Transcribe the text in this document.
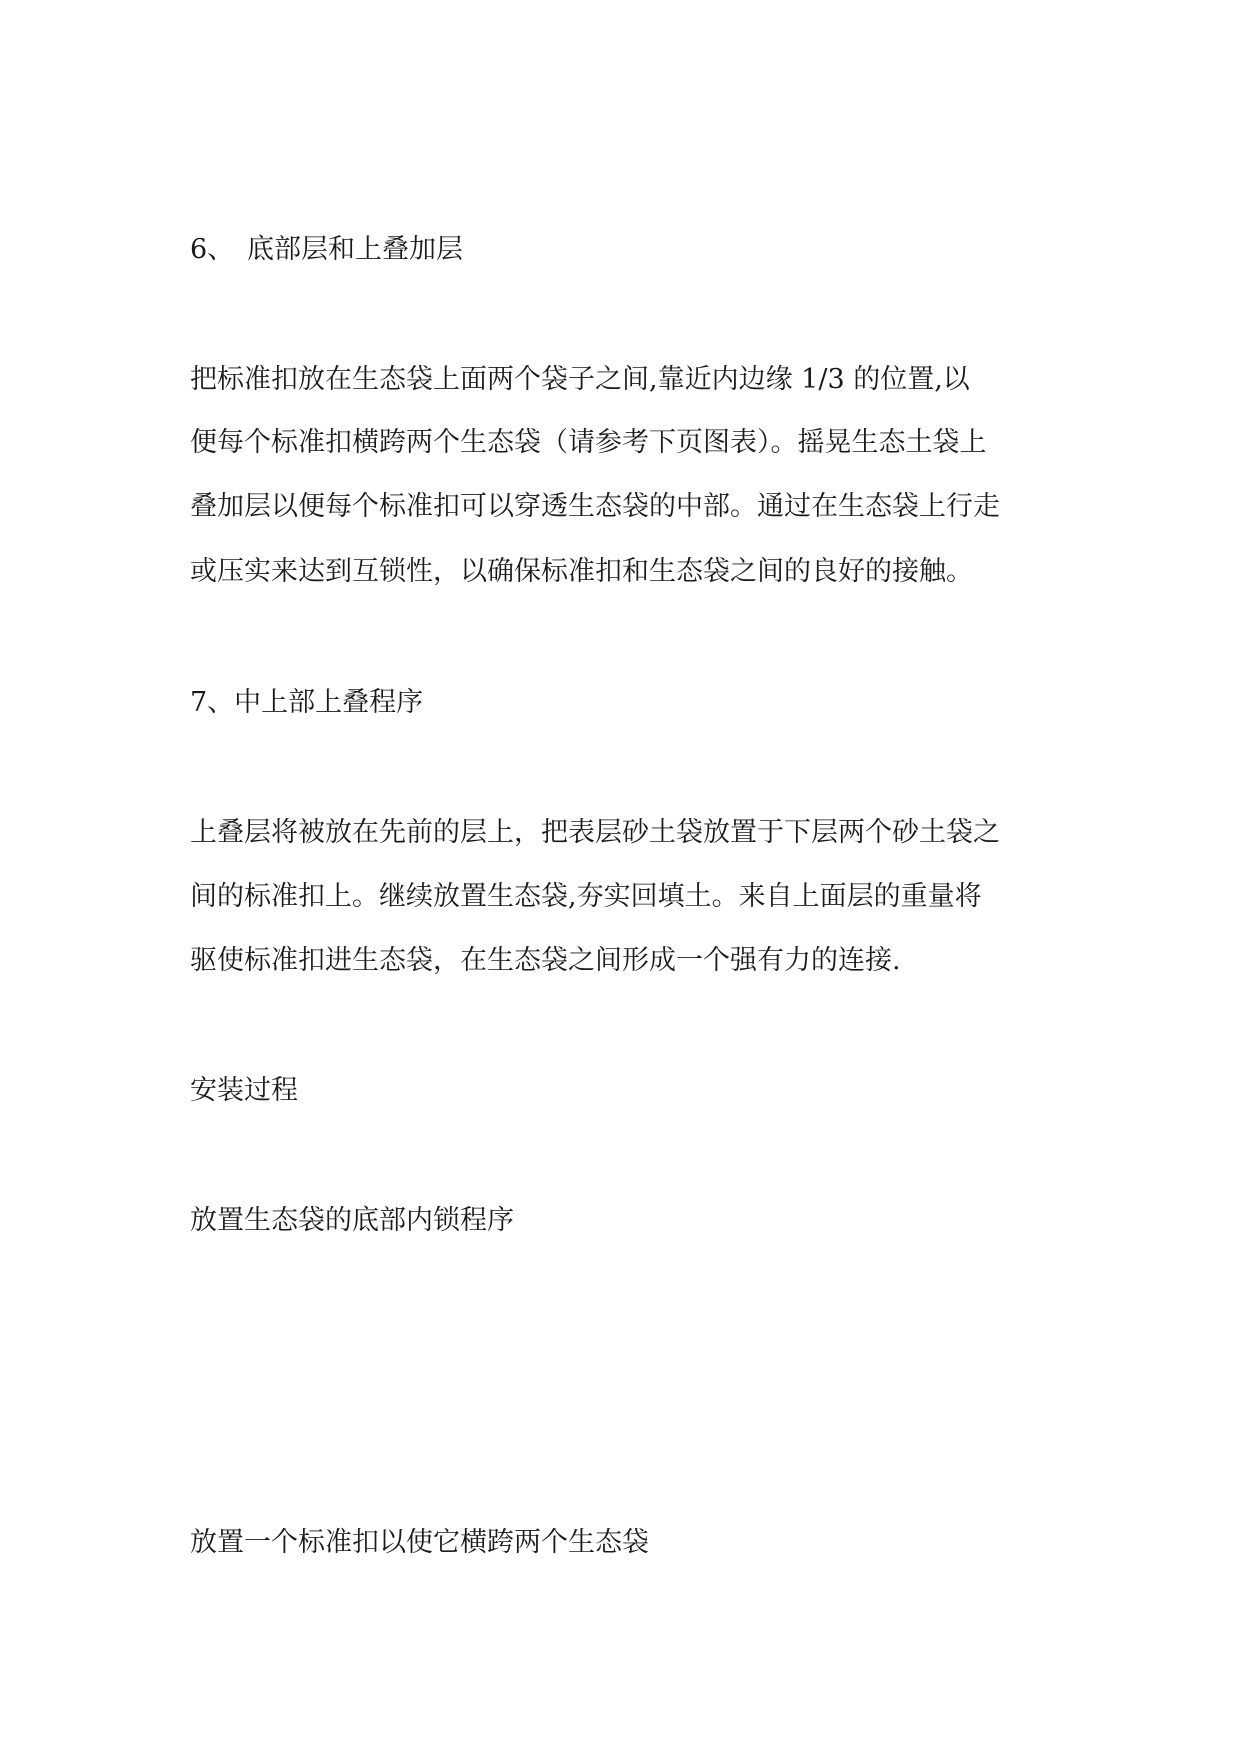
6、 底部层和上叠加层

把标准扣放在生态袋上面两个袋子之间,靠近内边缘 1/3 的位置,以

便每个标准扣横跨两个生态袋（请参考下页图表）。摇晃生态土袋上

叠加层以便每个标准扣可以穿透生态袋的中部。通过在生态袋上行走

或压实来达到互锁性，以确保标准扣和生态袋之间的良好的接触。

7、中上部上叠程序

上叠层将被放在先前的层上，把表层砂土袋放置于下层两个砂土袋之

间的标准扣上。继续放置生态袋,夯实回填土。来自上面层的重量将

驱使标准扣进生态袋，在生态袋之间形成一个强有力的连接.

安装过程

放置生态袋的底部内锁程序

放置一个标准扣以使它横跨两个生态袋
